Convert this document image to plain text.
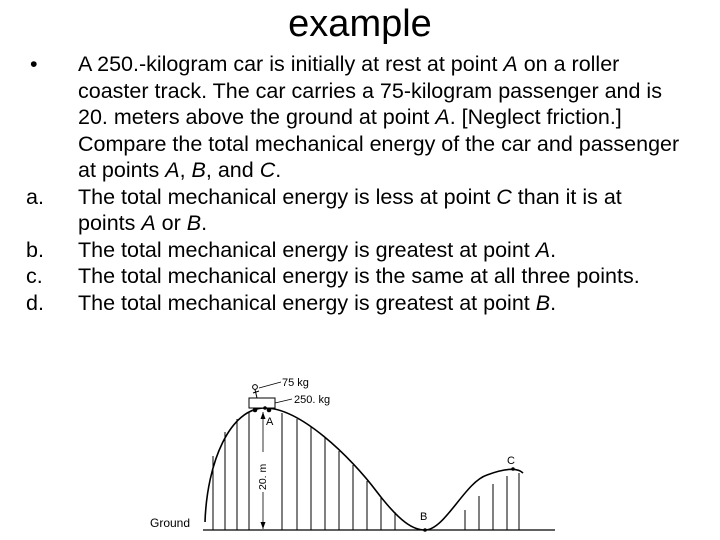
example
• A 250.-kilogram car is initially at rest at point A on a roller coaster track. The car carries a 75-kilogram passenger and is 20. meters above the ground at point A. [Neglect friction.] Compare the total mechanical energy of the car and passenger at points A, B, and C.
a. The total mechanical energy is less at point C than it is at points A or B.
b. The total mechanical energy is greatest at point A.
c. The total mechanical energy is the same at all three points.
d. The total mechanical energy is greatest at point B.
75 kg
250. kg
A
20. m
B
C
Ground
